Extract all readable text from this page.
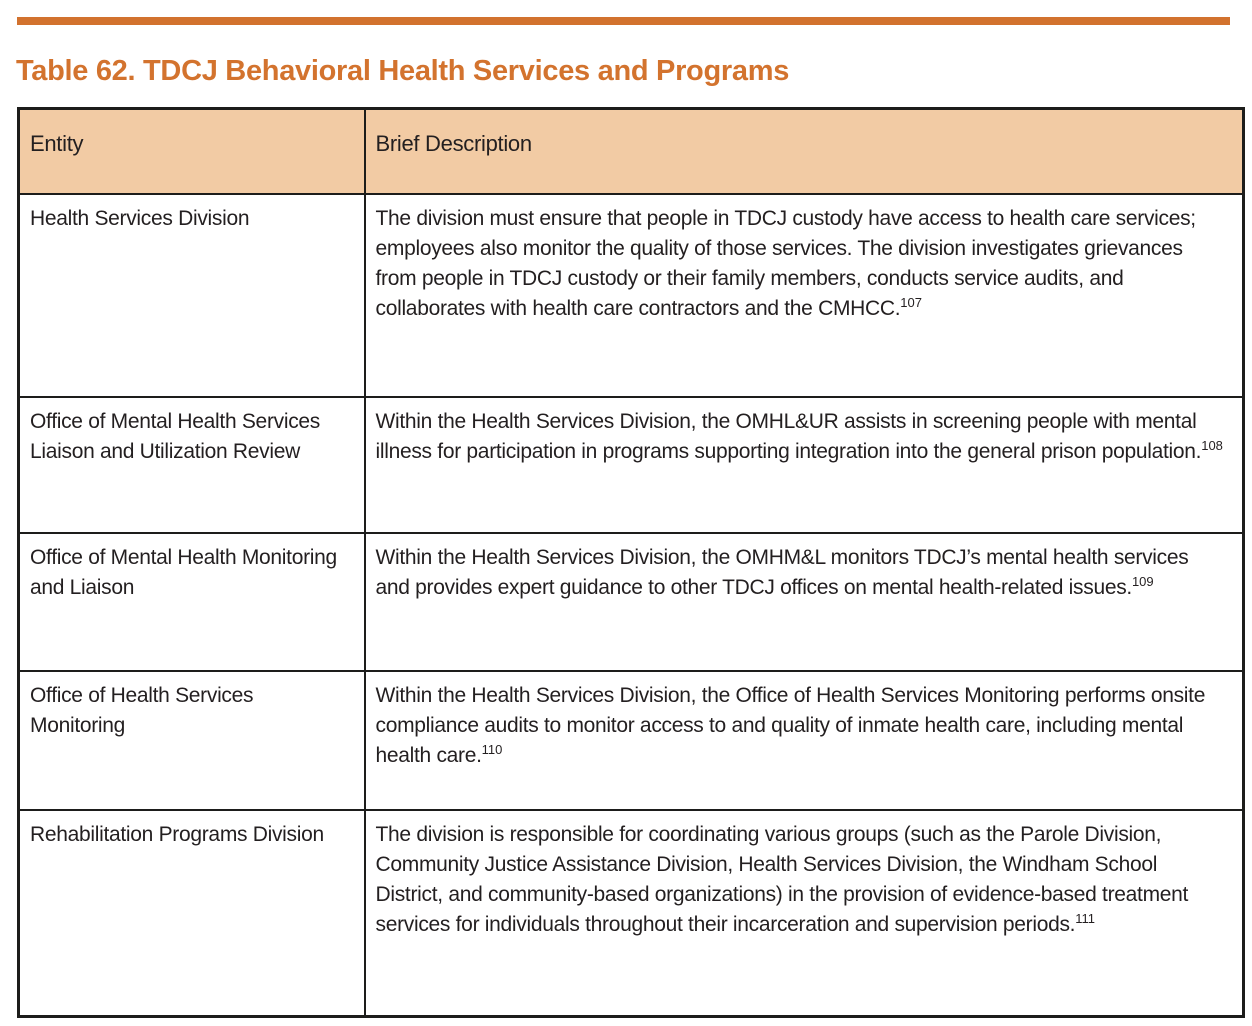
Table 62. TDCJ Behavioral Health Services and Programs
Entity	Brief Description
Health Services Division	The division must ensure that people in TDCJ custody have access to health care services; employees also monitor the quality of those services. The division investigates grievances from people in TDCJ custody or their family members, conducts service audits, and collaborates with health care contractors and the CMHCC.$^{107}$
Office of Mental Health Services Liaison and Utilization Review	Within the Health Services Division, the OMHL&UR assists in screening people with mental illness for participation in programs supporting integration into the general prison population.$^{108}$
Office of Mental Health Monitoring and Liaison	Within the Health Services Division, the OMHM&L monitors TDCJ’s mental health services and provides expert guidance to other TDCJ offices on mental health-related issues.$^{109}$
Office of Health Services Monitoring	Within the Health Services Division, the Office of Health Services Monitoring performs onsite compliance audits to monitor access to and quality of inmate health care, including mental health care.$^{110}$
Rehabilitation Programs Division	The division is responsible for coordinating various groups (such as the Parole Division, Community Justice Assistance Division, Health Services Division, the Windham School District, and community-based organizations) in the provision of evidence-based treatment services for individuals throughout their incarceration and supervision periods.$^{111}$
